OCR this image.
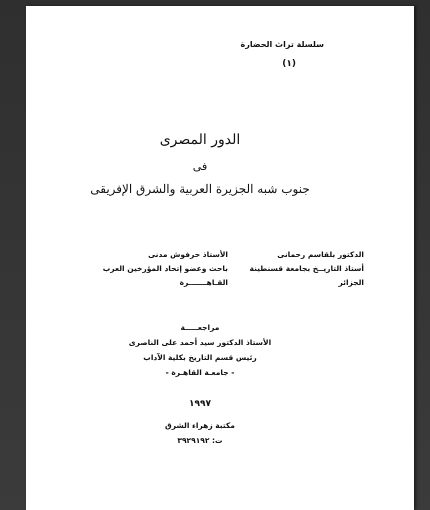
سلسلة تراث الحضارة
(١)
الدور المصرى
فى
جنوب شبه الجزيرة العربية والشرق الإفريقى
الدكتور بلقاسم رحمانى
أستاذ التاريــخ بجامعة قسنطينة
الجزائر
الأستاذ حرفوش مدنى
باحث وعضو إتحاد المؤرخين العرب
القـاهـــــــرة
مراجعـــــة
الأستاذ الدكتور سيد أحمد على الناصرى
رئيس قسم التاريخ بكلية الآداب
- جامعـة القاهـرة -
١٩٩٧
مكتبة زهراء الشرق
ت: ٣٩٢٩١٩٢
